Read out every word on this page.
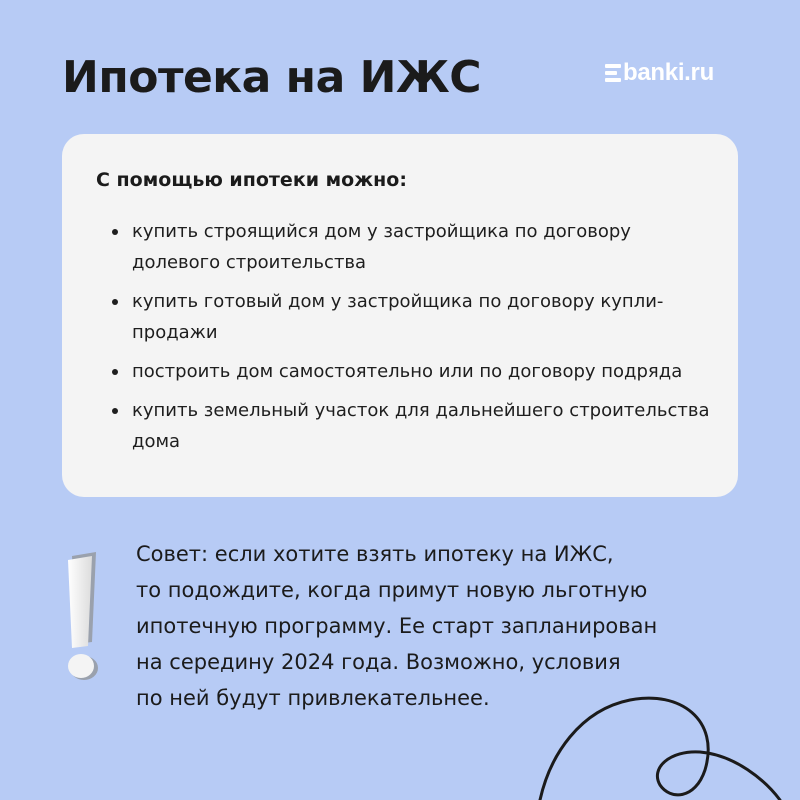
Ипотека на ИЖС	banki.ru

С помощью ипотеки можно:

купить строящийся дом у застройщика по договору долевого строительства
купить готовый дом у застройщика по договору купли-продажи
построить дом самостоятельно или по договору подряда
купить земельный участок для дальнейшего строительства дома

Совет: если хотите взять ипотеку на ИЖС,
то подождите, когда примут новую льготную
ипотечную программу. Ее старт запланирован
на середину 2024 года. Возможно, условия
по ней будут привлекательнее.
